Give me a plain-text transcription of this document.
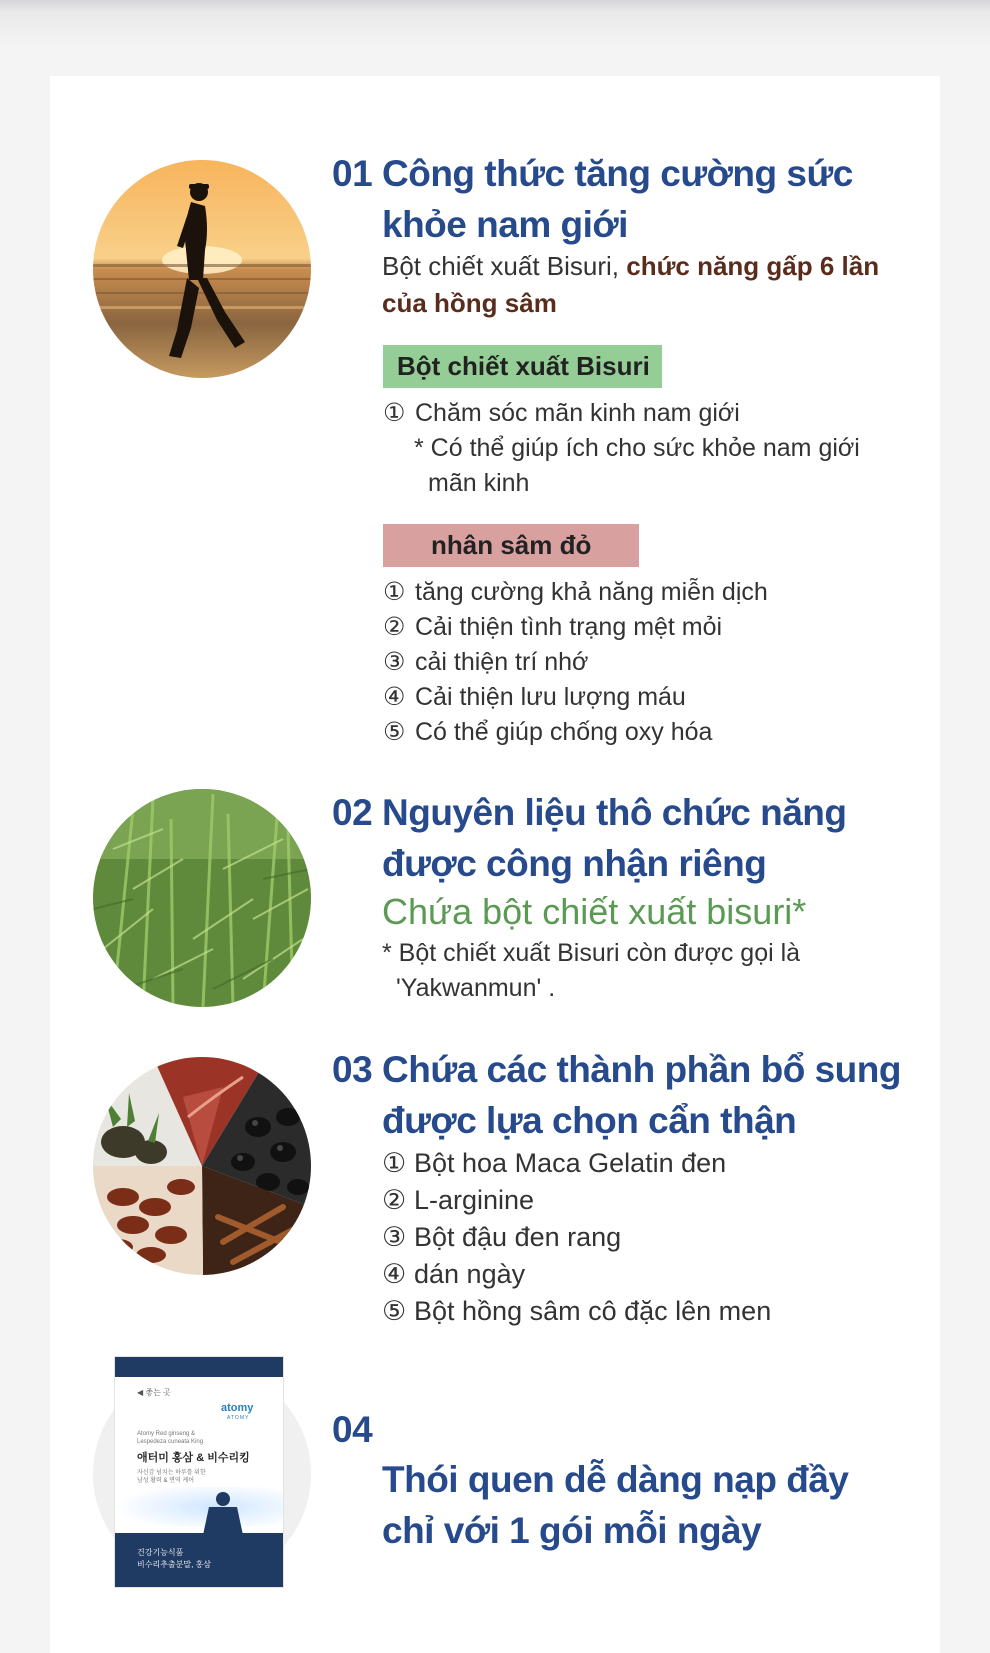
01 Công thức tăng cường sức
khỏe nam giới
Bột chiết xuất Bisuri, chức năng gấp 6 lần
của hồng sâm
Bột chiết xuất Bisuri
① Chăm sóc mãn kinh nam giới
* Có thể giúp ích cho sức khỏe nam giới
mãn kinh
nhân sâm đỏ
① tăng cường khả năng miễn dịch
② Cải thiện tình trạng mệt mỏi
③ cải thiện trí nhớ
④ Cải thiện lưu lượng máu
⑤ Có thể giúp chống oxy hóa
02 Nguyên liệu thô chức năng
được công nhận riêng
Chứa bột chiết xuất bisuri*
* Bột chiết xuất Bisuri còn được gọi là
'Yakwanmun' .
03 Chứa các thành phần bổ sung
được lựa chọn cẩn thận
① Bột hoa Maca Gelatin đen
② L-arginine
③ Bột đậu đen rang
④ dán ngày
⑤ Bột hồng sâm cô đặc lên men
◀ 좋는 곳
atomy
ATOMY
Atomy Red ginseng &
Lespedeza cuneata King
애터미 홍삼 & 비수리킹
자신감 넘치는 하루를 위한
남성 활력 & 면역 케어
건강기능식품
비수리추출분말, 홍삼
04
Thói quen dễ dàng nạp đầy
chỉ với 1 gói mỗi ngày
